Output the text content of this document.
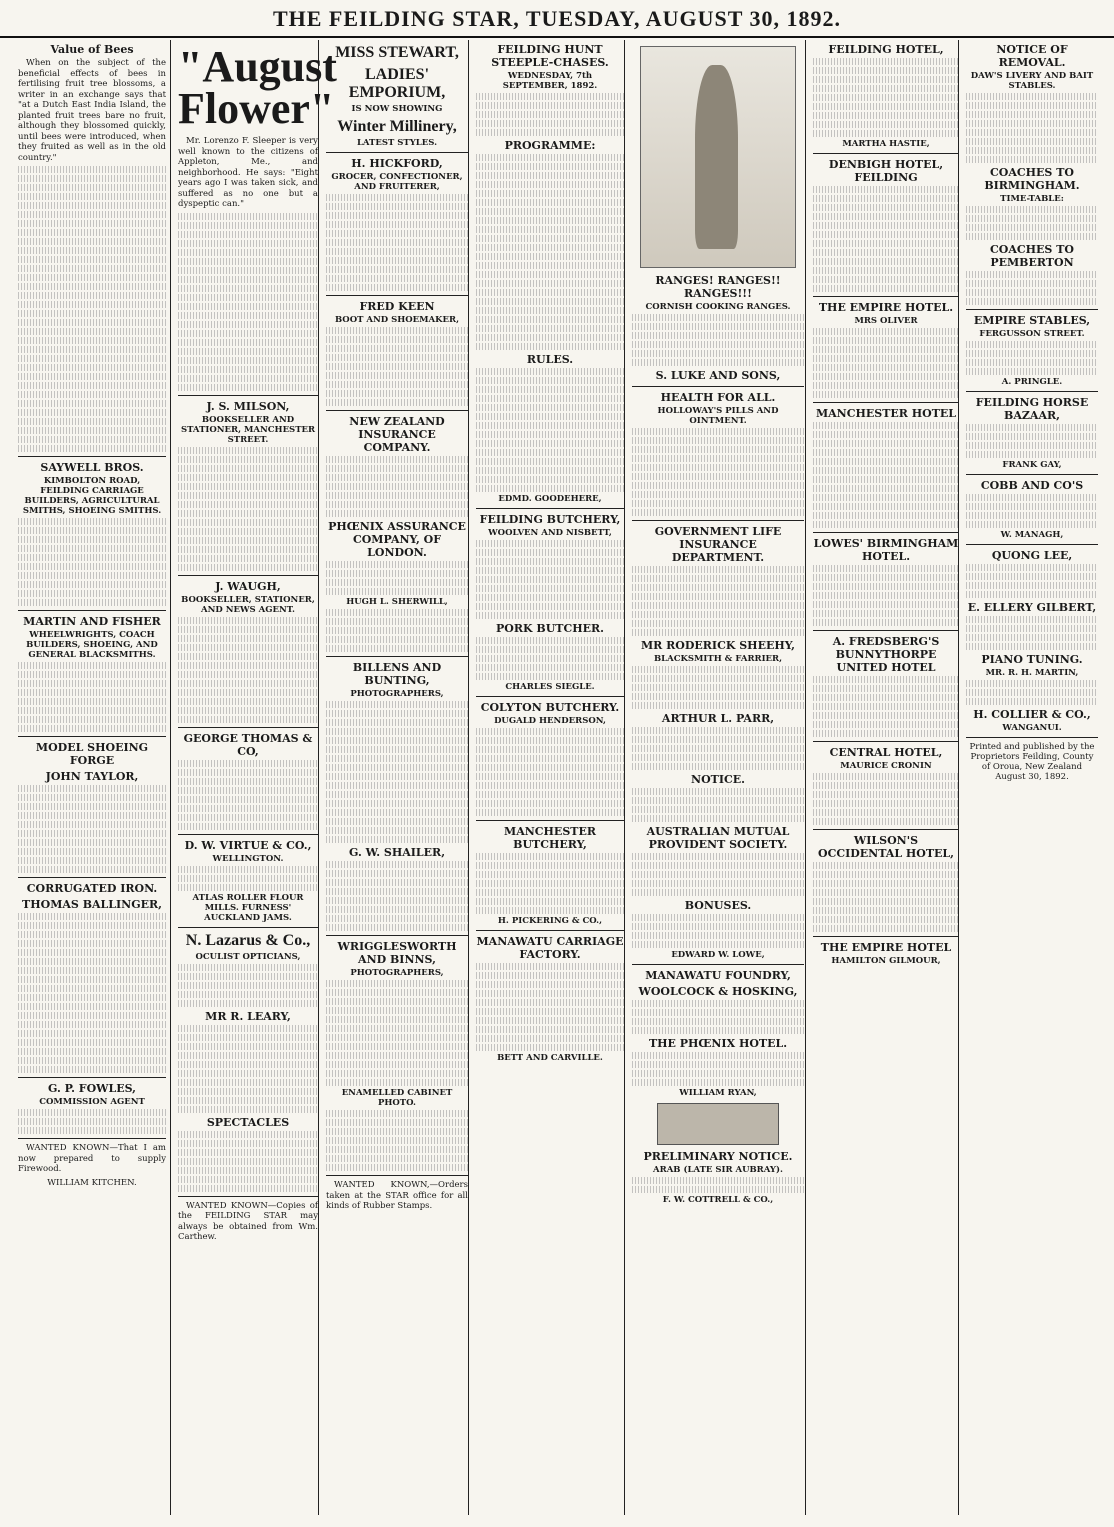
THE FEILDING STAR, TUESDAY, AUGUST 30, 1892.
Value of Bees

When on the subject of the beneficial effects of bees in fertilising fruit tree blossoms, a writer in an exchange says that "at a Dutch East India Island, the planted fruit trees bare no fruit, although they blossomed quickly, until bees were introduced, when they fruited as well as in the old country."

SAYWELL BROS.
KIMBOLTON ROAD, FEILDING CARRIAGE BUILDERS, AGRICULTURAL SMITHS, SHOEING SMITHS.
MARTIN AND FISHER
WHEELWRIGHTS, COACH BUILDERS, SHOEING, AND GENERAL BLACKSMITHS.
MODEL SHOEING FORGE
JOHN TAYLOR,
CORRUGATED IRON.
THOMAS BALLINGER,
G. P. FOWLES,
COMMISSION AGENT

WANTED KNOWN—That I am now prepared to supply Firewood.

WILLIAM KITCHEN.
"August Flower"

Mr. Lorenzo F. Sleeper is very well known to the citizens of Appleton, Me., and neighborhood. He says: "Eight years ago I was taken sick, and suffered as no one but a dyspeptic can."

J. S. MILSON,
BOOKSELLER AND STATIONER, MANCHESTER STREET.
J. WAUGH,
BOOKSELLER, STATIONER, AND NEWS AGENT.
GEORGE THOMAS & CO,
D. W. VIRTUE & CO.,
WELLINGTON.
ATLAS ROLLER FLOUR MILLS. FURNESS' AUCKLAND JAMS.
N. Lazarus & Co.,
OCULIST OPTICIANS,
MR R. LEARY,
SPECTACLES

WANTED KNOWN—Copies of the FEILDING STAR may always be obtained from Wm. Carthew.

MISS STEWART,
LADIES' EMPORIUM,
IS NOW SHOWING
Winter Millinery,
LATEST STYLES.
H. HICKFORD,
GROCER, CONFECTIONER, AND FRUITERER,
FRED KEEN
BOOT AND SHOEMAKER,
NEW ZEALAND INSURANCE COMPANY.
PHŒNIX ASSURANCE COMPANY, OF LONDON.
HUGH L. SHERWILL,
BILLENS AND BUNTING,
PHOTOGRAPHERS,
G. W. SHAILER,
WRIGGLESWORTH AND BINNS,
PHOTOGRAPHERS,
ENAMELLED CABINET PHOTO.

WANTED KNOWN,—Orders taken at the STAR office for all kinds of Rubber Stamps.

FEILDING HUNT STEEPLE-CHASES.
WEDNESDAY, 7th SEPTEMBER, 1892.
PROGRAMME:
RULES.
EDMD. GOODEHERE,
FEILDING BUTCHERY,
WOOLVEN AND NISBETT,
PORK BUTCHER.
CHARLES SIEGLE.
COLYTON BUTCHERY.
DUGALD HENDERSON,
MANCHESTER BUTCHERY,
H. PICKERING & CO.,
MANAWATU CARRIAGE FACTORY.
BETT AND CARVILLE.
RANGES! RANGES!! RANGES!!!
CORNISH COOKING RANGES.
S. LUKE AND SONS,
HEALTH FOR ALL.
HOLLOWAY'S PILLS AND OINTMENT.
GOVERNMENT LIFE INSURANCE DEPARTMENT.
MR RODERICK SHEEHY,
BLACKSMITH & FARRIER,
ARTHUR L. PARR,
NOTICE.
AUSTRALIAN MUTUAL PROVIDENT SOCIETY.
BONUSES.
EDWARD W. LOWE,
MANAWATU FOUNDRY,
WOOLCOCK & HOSKING,
THE PHŒNIX HOTEL.
WILLIAM RYAN,
PRELIMINARY NOTICE.
ARAB (LATE SIR AUBRAY).
F. W. COTTRELL & CO.,
FEILDING HOTEL,
MARTHA HASTIE,
DENBIGH HOTEL, FEILDING
THE EMPIRE HOTEL.
MRS OLIVER
MANCHESTER HOTEL
LOWES' BIRMINGHAM HOTEL.
A. FREDSBERG'S BUNNYTHORPE UNITED HOTEL
CENTRAL HOTEL,
MAURICE CRONIN
WILSON'S OCCIDENTAL HOTEL,
THE EMPIRE HOTEL
HAMILTON GILMOUR,
NOTICE OF REMOVAL.
DAW'S LIVERY AND BAIT STABLES.
COACHES TO BIRMINGHAM.
TIME-TABLE:
COACHES TO PEMBERTON
EMPIRE STABLES,
FERGUSSON STREET.
A. PRINGLE.
FEILDING HORSE BAZAAR,
FRANK GAY,
COBB AND CO'S
W. MANAGH,
QUONG LEE,
E. ELLERY GILBERT,
PIANO TUNING.
MR. R. H. MARTIN,
H. COLLIER & CO.,
WANGANUI.
Printed and published by the Proprietors Feilding, County of Oroua, New Zealand August 30, 1892.
